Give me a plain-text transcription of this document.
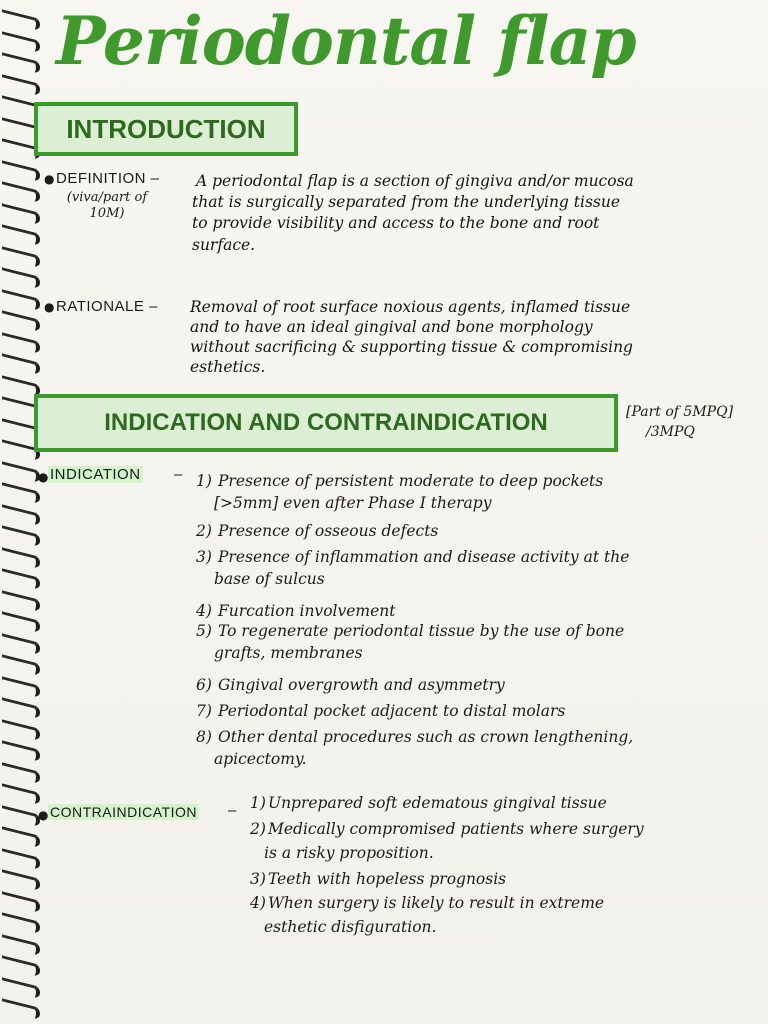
Periodontal flap
INTRODUCTION
● DEFINITION –
(viva/part of
10M)
A periodontal flap is a section of gingiva and/or mucosa
that is surgically separated from the underlying tissue
to provide visibility and access to the bone and root
surface.
● RATIONALE – Removal of root surface noxious agents, inflamed tissue
and to have an ideal gingival and bone morphology
without sacrificing & supporting tissue & compromising
esthetics.
INDICATION AND CONTRAINDICATION	[Part of 5MPQ]
/3MPQ
● INDICATION – 1) Presence of persistent moderate to deep pockets
[>5mm] even after Phase I therapy
2) Presence of osseous defects
3) Presence of inflammation and disease activity at the
base of sulcus
4) Furcation involvement
5) To regenerate periodontal tissue by the use of bone
grafts, membranes
6) Gingival overgrowth and asymmetry
7) Periodontal pocket adjacent to distal molars
8) Other dental procedures such as crown lengthening,
apicectomy.
● CONTRAINDICATION – 1) Unprepared soft edematous gingival tissue
2) Medically compromised patients where surgery
is a risky proposition.
3) Teeth with hopeless prognosis
4) When surgery is likely to result in extreme
esthetic disfiguration.
